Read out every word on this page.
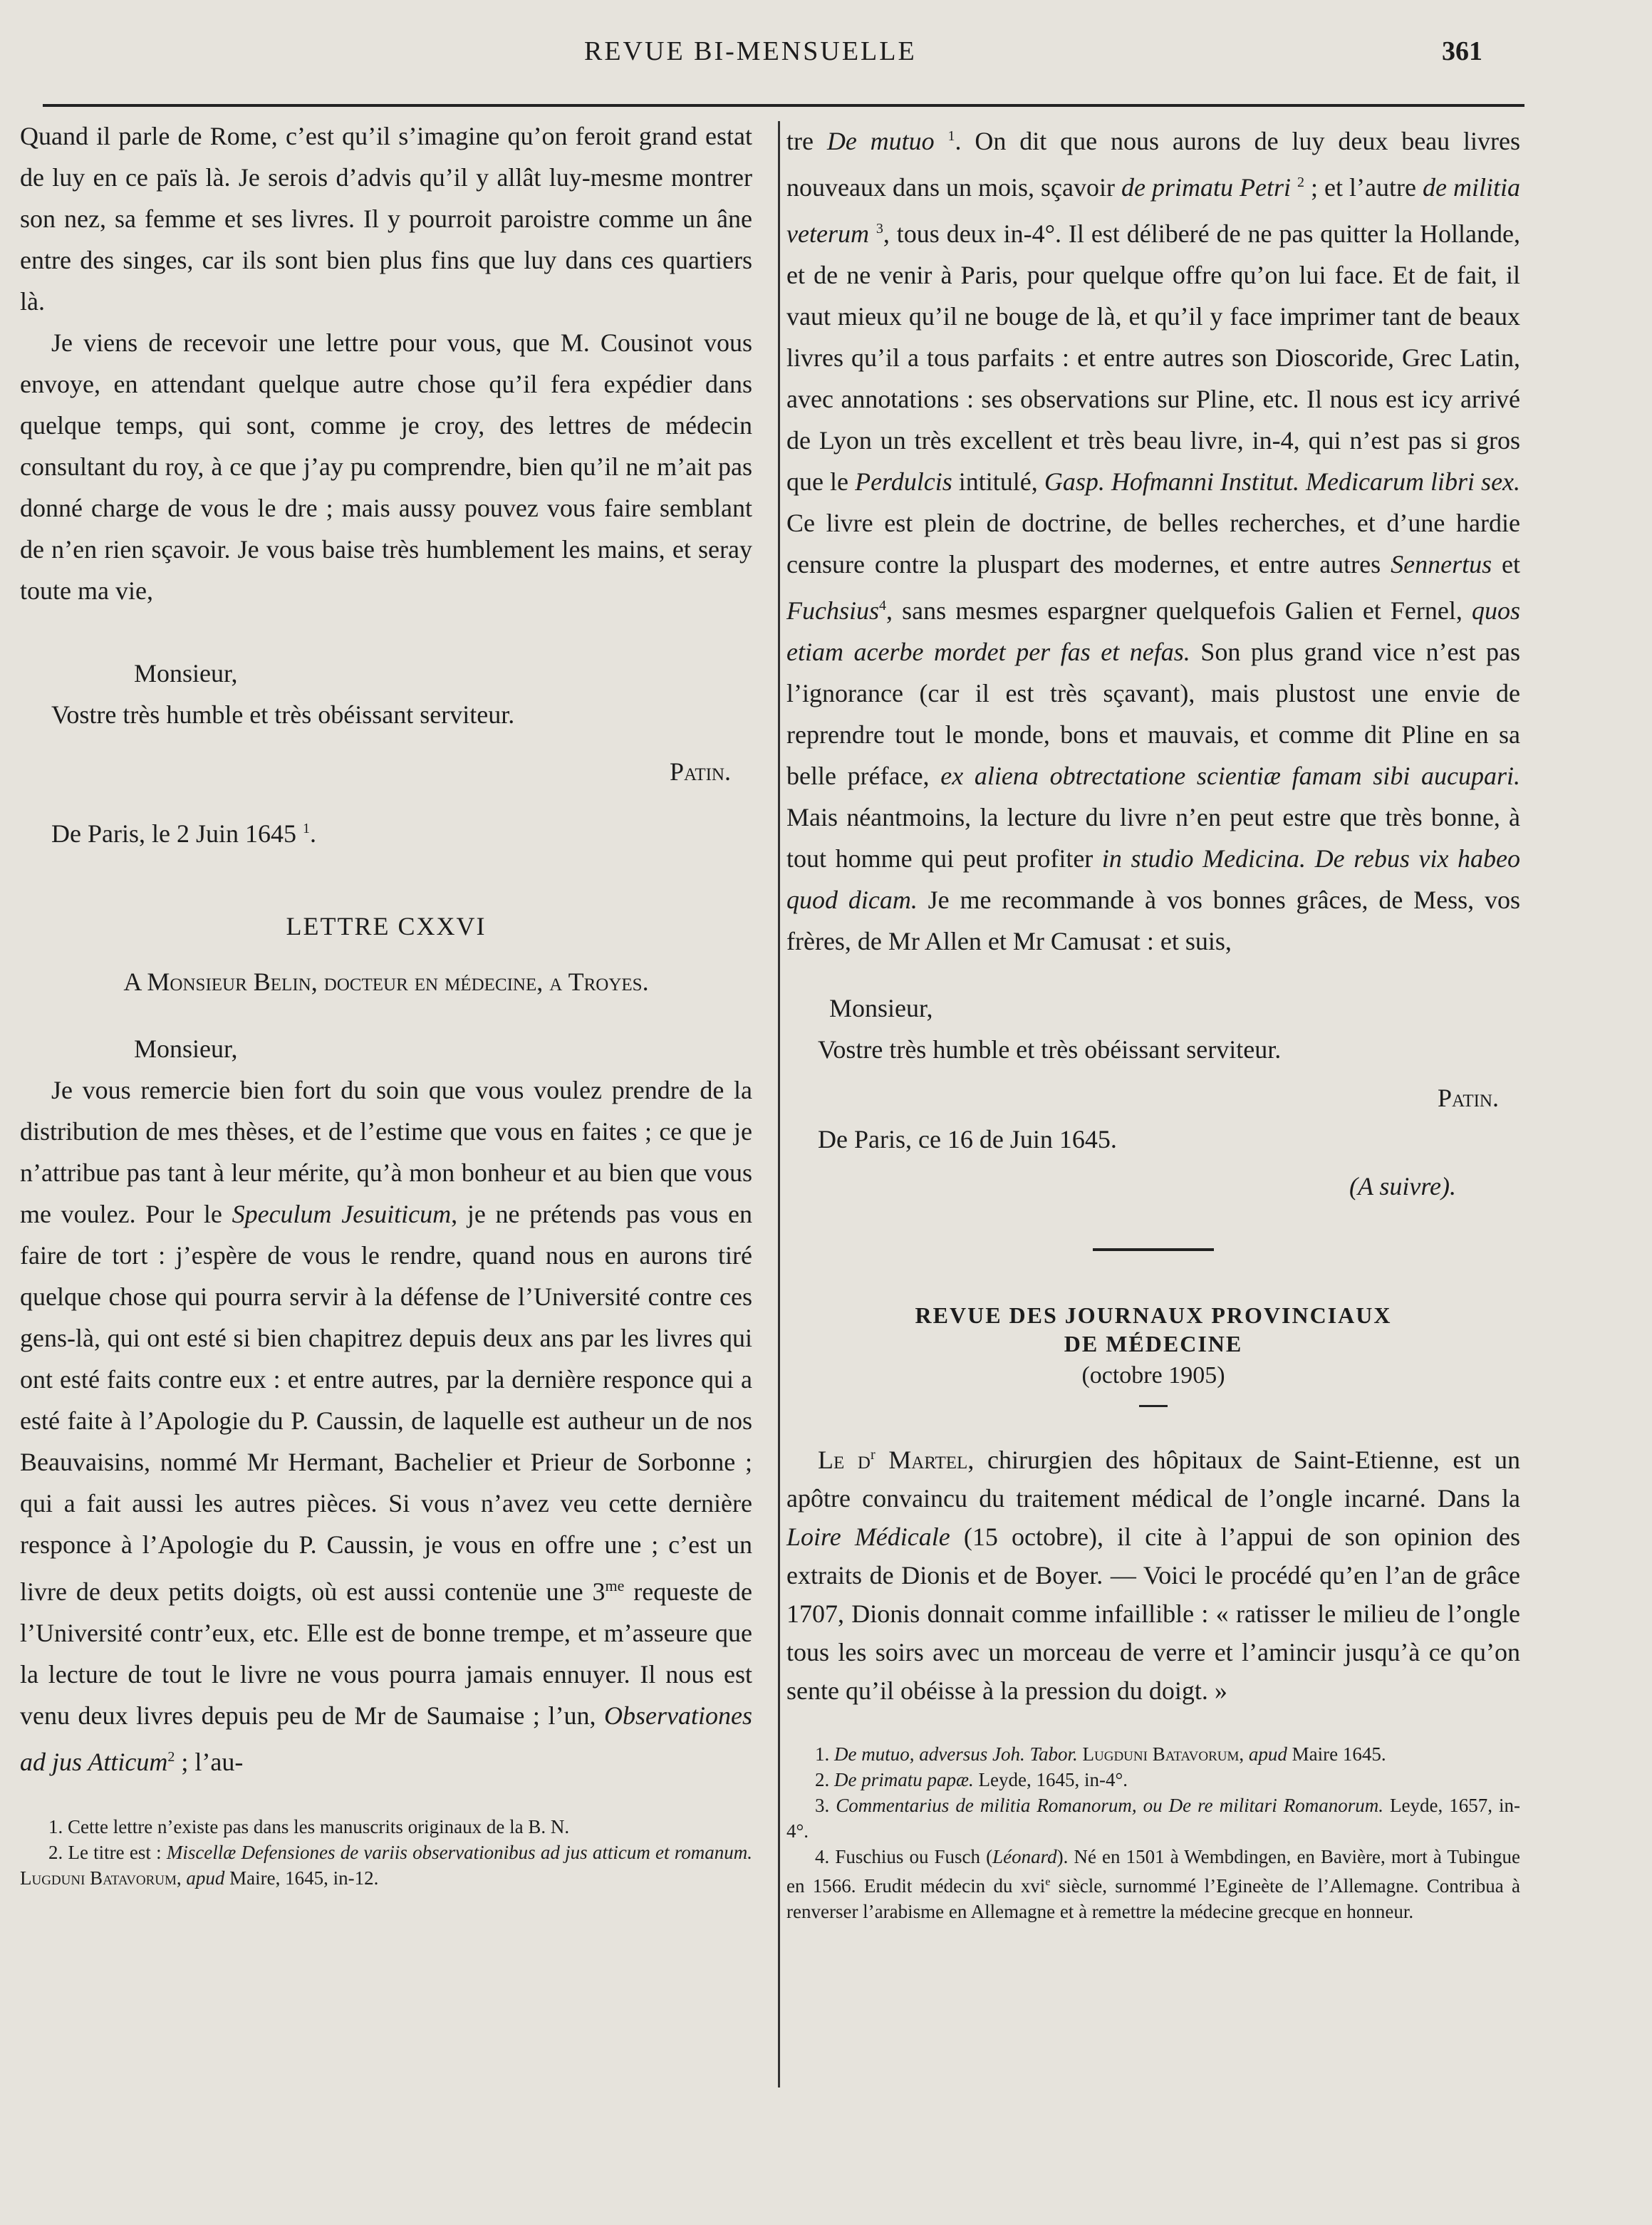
REVUE BI-MENSUELLE	361

Quand il parle de Rome, c’est qu’il s’imagine qu’on feroit grand estat de luy en ce païs là. Je serois d’advis qu’il y allât luy-mesme montrer son nez, sa femme et ses livres. Il y pourroit paroistre comme un âne entre des singes, car ils sont bien plus fins que luy dans ces quartiers là.

Je viens de recevoir une lettre pour vous, que M. Cousinot vous envoye, en attendant quelque autre chose qu’il fera expédier dans quelque temps, qui sont, comme je croy, des lettres de médecin consultant du roy, à ce que j’ay pu comprendre, bien qu’il ne m’ait pas donné charge de vous le dre ; mais aussy pouvez vous faire semblant de n’en rien sçavoir. Je vous baise très humblement les mains, et seray toute ma vie,

Monsieur,

Vostre très humble et très obéissant serviteur.

Patin.

De Paris, le 2 Juin 1645 $^1$.

LETTRE CXXVI

A Monsieur Belin, docteur en médecine, a Troyes.

Monsieur,

Je vous remercie bien fort du soin que vous voulez prendre de la distribution de mes thèses, et de l’estime que vous en faites ; ce que je n’attribue pas tant à leur mérite, qu’à mon bonheur et au bien que vous me voulez. Pour le Speculum Jesuiticum, je ne prétends pas vous en faire de tort : j’espère de vous le rendre, quand nous en aurons tiré quelque chose qui pourra servir à la défense de l’Université contre ces gens-là, qui ont esté si bien chapitrez depuis deux ans par les livres qui ont esté faits contre eux : et entre autres, par la dernière responce qui a esté faite à l’Apologie du P. Caussin, de laquelle est autheur un de nos Beauvaisins, nommé Mr Hermant, Bachelier et Prieur de Sorbonne ; qui a fait aussi les autres pièces. Si vous n’avez veu cette dernière responce à l’Apologie du P. Caussin, je vous en offre une ; c’est un livre de deux petits doigts, où est aussi contenüe une $3^{me}$ requeste de l’Université contr’eux, etc. Elle est de bonne trempe, et m’asseure que la lecture de tout le livre ne vous pourra jamais ennuyer. Il nous est venu deux livres depuis peu de Mr de Saumaise ; l’un, Observationes ad jus Atticum$^2$ ; l’au-

1. Cette lettre n’existe pas dans les manuscrits originaux de la B. N.

2. Le titre est : Miscellæ Defensiones de variis observationibus ad jus atticum et romanum. Lugduni Batavorum, apud Maire, 1645, in-12.

tre De mutuo $^1$. On dit que nous aurons de luy deux beau livres nouveaux dans un mois, sçavoir de primatu Petri $^2$ ; et l’autre de militia veterum $^3$, tous deux in-4°. Il est déliberé de ne pas quitter la Hollande, et de ne venir à Paris, pour quelque offre qu’on lui face. Et de fait, il vaut mieux qu’il ne bouge de là, et qu’il y face imprimer tant de beaux livres qu’il a tous parfaits : et entre autres son Dioscoride, Grec Latin, avec annotations : ses observations sur Pline, etc. Il nous est icy arrivé de Lyon un très excellent et très beau livre, in-4, qui n’est pas si gros que le Perdulcis intitulé, Gasp. Hofmanni Institut. Medicarum libri sex. Ce livre est plein de doctrine, de belles recherches, et d’une hardie censure contre la pluspart des modernes, et entre autres Sennertus et Fuchsius$^4$, sans mesmes espargner quelquefois Galien et Fernel, quos etiam acerbe mordet per fas et nefas. Son plus grand vice n’est pas l’ignorance (car il est très sçavant), mais plustost une envie de reprendre tout le monde, bons et mauvais, et comme dit Pline en sa belle préface, ex aliena obtrectatione scientiæ famam sibi aucupari. Mais néantmoins, la lecture du livre n’en peut estre que très bonne, à tout homme qui peut profiter in studio Medicina. De rebus vix habeo quod dicam. Je me recommande à vos bonnes grâces, de Mess, vos frères, de Mr Allen et Mr Camusat : et suis,

Monsieur,

Vostre très humble et très obéissant serviteur.

Patin.

De Paris, ce 16 de Juin 1645.

(A suivre).

REVUE DES JOURNAUX PROVINCIAUX

DE MÉDECINE

(octobre 1905)

Le $d^r$ Martel, chirurgien des hôpitaux de Saint-Etienne, est un apôtre convaincu du traitement médical de l’ongle incarné. Dans la Loire Médicale (15 octobre), il cite à l’appui de son opinion des extraits de Dionis et de Boyer. — Voici le procédé qu’en l’an de grâce 1707, Dionis donnait comme infaillible : « ratisser le milieu de l’ongle tous les soirs avec un morceau de verre et l’amincir jusqu’à ce qu’on sente qu’il obéisse à la pression du doigt. »

1. De mutuo, adversus Joh. Tabor. Lugduni Batavorum, apud Maire 1645.

2. De primatu papæ. Leyde, 1645, in-4°.

3. Commentarius de militia Romanorum, ou De re militari Romanorum. Leyde, 1657, in-4°.

4. Fuschius ou Fusch (Léonard). Né en 1501 à Wembdingen, en Bavière, mort à Tubingue en 1566. Erudit médecin du xvi$^e$ siècle, surnommé l’Egineète de l’Allemagne. Contribua à renverser l’arabisme en Allemagne et à remettre la médecine grecque en honneur.
